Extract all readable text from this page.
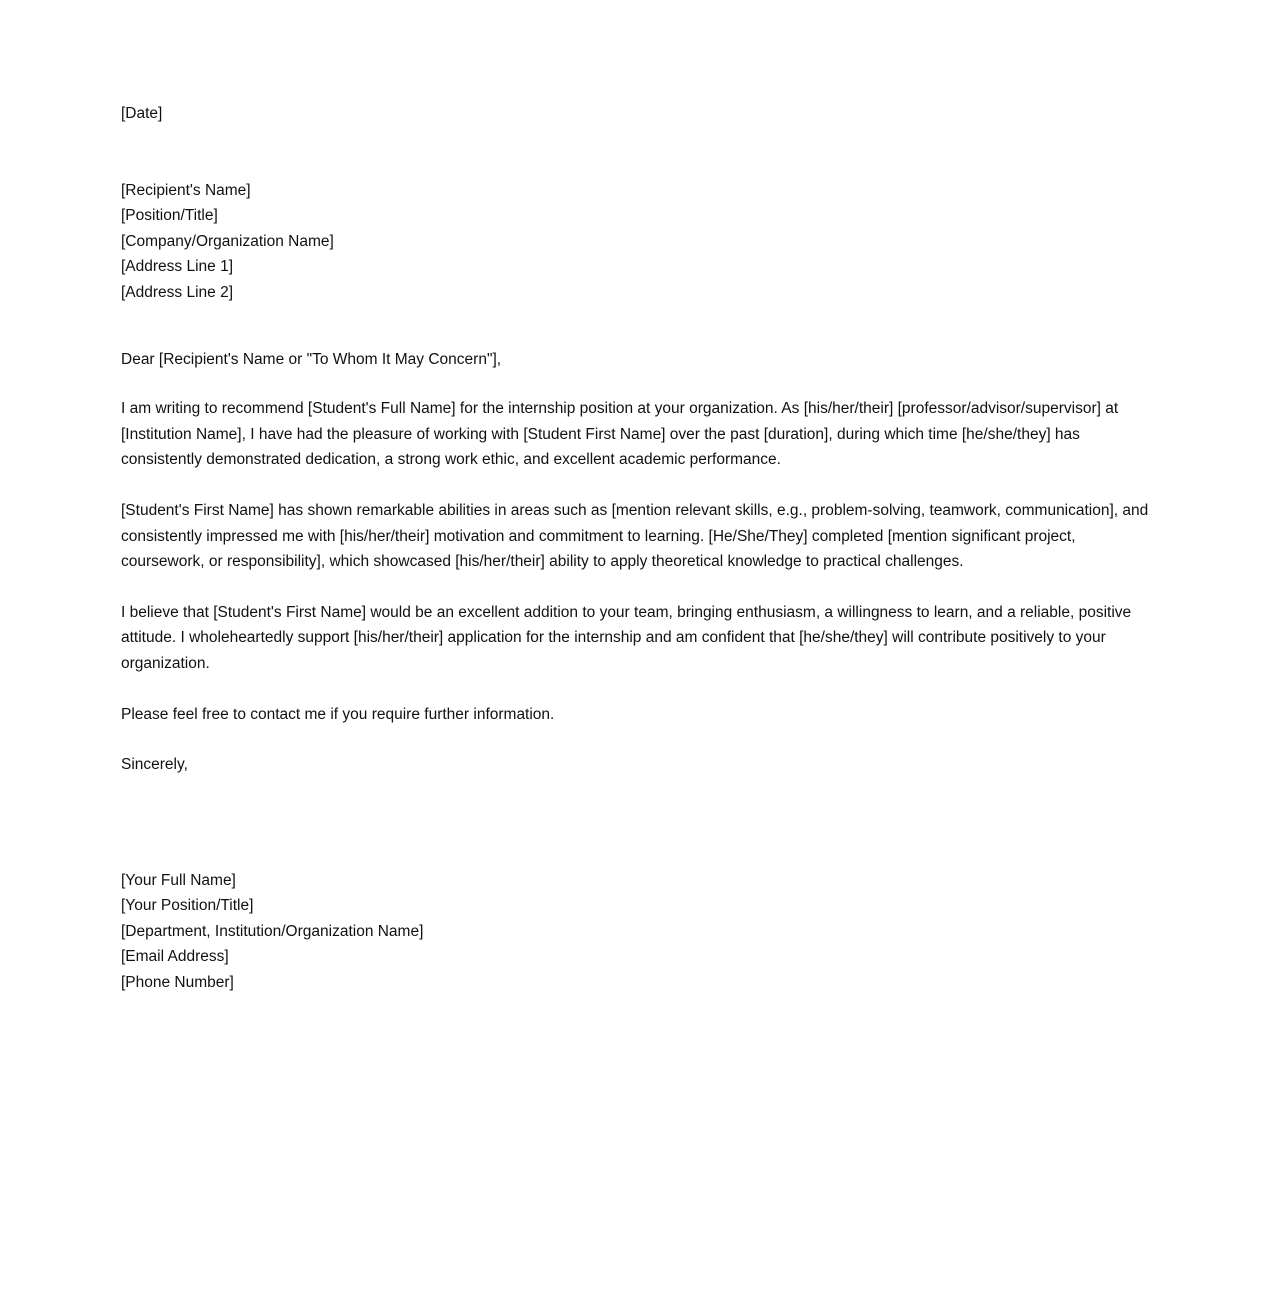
[Date]

[Recipient's Name]

[Position/Title]

[Company/Organization Name]

[Address Line 1]

[Address Line 2]

Dear [Recipient's Name or "To Whom It May Concern"],

I am writing to recommend [Student's Full Name] for the internship position at your organization. As [his/her/their] [professor/advisor/supervisor] at [Institution Name], I have had the pleasure of working with [Student First Name] over the past [duration], during which time [he/she/they] has consistently demonstrated dedication, a strong work ethic, and excellent academic performance.

[Student's First Name] has shown remarkable abilities in areas such as [mention relevant skills, e.g., problem-solving, teamwork, communication], and consistently impressed me with [his/her/their] motivation and commitment to learning. [He/She/They] completed [mention significant project, coursework, or responsibility], which showcased [his/her/their] ability to apply theoretical knowledge to practical challenges.

I believe that [Student's First Name] would be an excellent addition to your team, bringing enthusiasm, a willingness to learn, and a reliable, positive attitude. I wholeheartedly support [his/her/their] application for the internship and am confident that [he/she/they] will contribute positively to your organization.

Please feel free to contact me if you require further information.

Sincerely,

[Your Full Name]

[Your Position/Title]

[Department, Institution/Organization Name]

[Email Address]

[Phone Number]
